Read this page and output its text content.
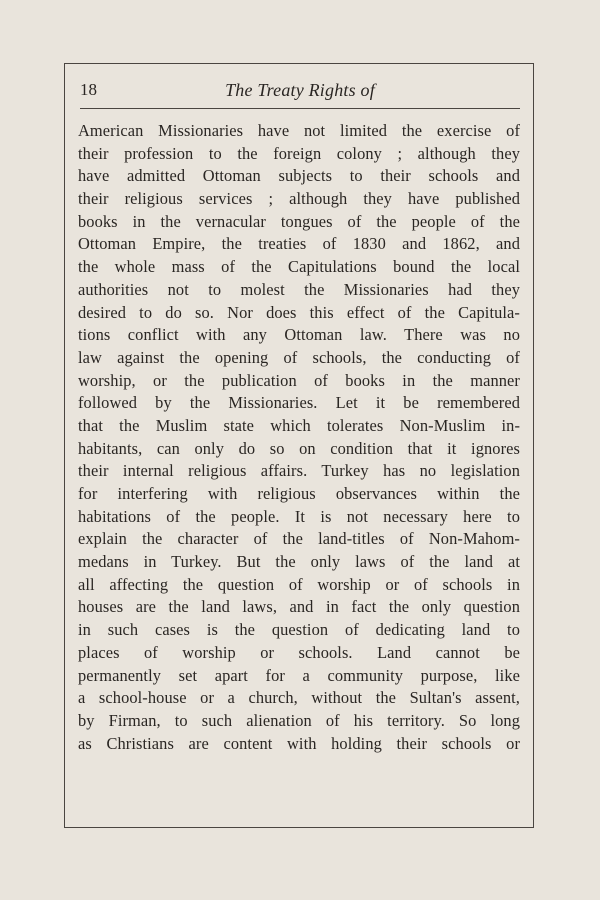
18	The Treaty Rights of
American Missionaries have not limited the exercise of
their profession to the foreign colony ; although they
have admitted Ottoman subjects to their schools and
their religious services ; although they have published
books in the vernacular tongues of the people of the
Ottoman Empire, the treaties of 1830 and 1862, and
the whole mass of the Capitulations bound the local
authorities not to molest the Missionaries had they
desired to do so. Nor does this effect of the Capitula-
tions conflict with any Ottoman law. There was no
law against the opening of schools, the conducting of
worship, or the publication of books in the manner
followed by the Missionaries. Let it be remembered
that the Muslim state which tolerates Non-Muslim in-
habitants, can only do so on condition that it ignores
their internal religious affairs. Turkey has no legislation
for interfering with religious observances within the
habitations of the people. It is not necessary here to
explain the character of the land-titles of Non-Mahom-
medans in Turkey. But the only laws of the land at
all affecting the question of worship or of schools in
houses are the land laws, and in fact the only question
in such cases is the question of dedicating land to
places of worship or schools. Land cannot be
permanently set apart for a community purpose, like
a school-house or a church, without the Sultan's assent,
by Firman, to such alienation of his territory. So long
as Christians are content with holding their schools or
